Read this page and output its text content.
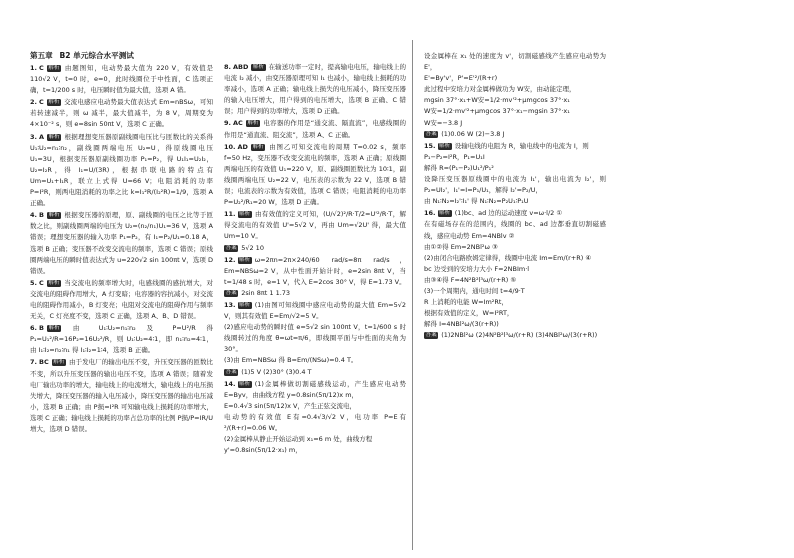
第五章 B2 单元综合水平测试
1. C 解析 由题图知，电动势最大值为 220 V，有效值是 110√2 V，t=0 时，e=0，此时线圈位于中性面，C 选项正确，t=1/200 s 时，电压瞬时值为最大值，选项 A 错。
2. C 解析 交流电感应电动势最大值表达式 Em=nBSω，可知若转速减半，则 ω 减半，最大值减半，为 8 V，周期变为 4×10⁻² s，则 e=8sin 50πt V，选项 C 正确。
3. A 解析 根据理想变压器原副线圈电压比与匝数比的关系得 U₁∶U₂=n₁∶n₂，副线圈两端电压 U₂=U，得原线圈电压 U₁=3U，根据变压器原副线圈功率 P₁=P₂，得 U₁I₁=U₂I₂，U₂=I₂R，得 I₁=U/(3R)，根据串联电路的特点有 Um=U₁+I₁R，联立上式得 U=66 V；电阻消耗的功率 P=I²R，则两电阻消耗的功率之比 k=I₁²R/(I₂²R)=1/9，选项 A 正确。
4. B 解析 根据变压器的原理，原、副线圈的电压之比等于匝数之比，则副线圈两端的电压为 U₂=(n₂/n₁)U₁=36 V，选项 A 错误；理想变压器的输入功率 P₁=P₂，有 I₁=P₂/U₁≈0.18 A，选项 B 正确；变压器不改变交流电的频率，选项 C 错误；原线圈两端电压的瞬时值表达式为 u=220√2 sin 100πt V，选项 D 错误。
5. C 解析 当交流电的频率增大时，电感线圈的感抗增大，对交流电的阻碍作用增大，A 灯变暗；电容器的容抗减小，对交流电的阻碍作用减小，B 灯变亮；电阻对交流电的阻碍作用与频率无关，C 灯亮度不变，选项 C 正确，选项 A、B、D 错误。
6. B 解析 由 U₁∶U₂=n₁∶n₂ 及 P=U²/R 得 P₁=U₁²/R=16P₂=16U₂²/R，则 U₁∶U₂=4∶1，即 n₁∶n₂=4∶1，由 I₁∶I₂=n₂∶n₁ 得 I₁∶I₂=1∶4，选项 B 正确。
7. BC 解析 由于发电厂的输出电压不变，升压变压器的匝数比不变，所以升压变压器的输出电压不变，选项 A 错误；随着发电厂输出功率的增大，输电线上的电流增大，输电线上的电压损失增大，降压变压器的输入电压减小，降压变压器的输出电压减小，选项 B 正确；由 P损=I²R 可知输电线上损耗的功率增大，选项 C 正确；输电线上损耗的功率占总功率的比例 P损/P=IR/U 增大，选项 D 错误。
8. ABD 解析 在输送功率一定时，提高输电电压，输电线上的电流 I₂ 减小，由变压器原理可知 I₁ 也减小，输电线上损耗的功率减小，选项 A 正确；输电线上损失的电压减小，降压变压器的输入电压增大，用户得到的电压增大，选项 B 正确、C 错误；用户得到的功率增大，选项 D 正确。
9. AC 解析 电容器的作用是“通交流、隔直流”，电感线圈的作用是“通直流、阻交流”，选项 A、C 正确。
10. AD 解析 由图乙可知交流电的周期 T=0.02 s，频率 f=50 Hz，变压器不改变交流电的频率，选项 A 正确；原线圈两端电压的有效值 U₁=220 V，原、副线圈匝数比为 10∶1，副线圈两端电压 U₂=22 V，电压表的示数为 22 V，选项 B 错误；电流表的示数为有效值，选项 C 错误；电阻消耗的电功率 P=U₂²/R₁=20 W，选项 D 正确。
11. 解析 由有效值的定义可知，(U/√2)²/R·T/2=U'²/R·T，解得交流电的有效值 U'=5√2 V，再由 Um=√2U' 得，最大值 Um=10 V。
答案 5√2 10
12. 解析 ω=2πn=2π×240/60 rad/s=8π rad/s，Em=NBSω=2 V，从中性面开始计时，e=2sin 8πt V，当 t=1/48 s 时，e=1 V，代入 E=2cos 30° V，得 E≈1.73 V。
答案 2sin 8πt 1 1.73
13. 解析 (1)由图可知线圈中感应电动势的最大值 Em=5√2 V，则其有效值 E=Em/√2=5 V。
(2)感应电动势的瞬时值 e=5√2 sin 100πt V，t=1/600 s 时线圈转过的角度 θ=ωt=π/6，即线圈平面与中性面的夹角为 30°。
(3)由 Em=NBSω 得 B=Em/(NSω)=0.4 T。
答案 (1)5 V (2)30° (3)0.4 T
14. 解析 (1)金属棒做切割磁感线运动，产生感应电动势 E=Byv，由曲线方程 y=0.8sin(5π/12)x m，
E=0.4√3 sin(5π/12)x V，产生正弦交流电，
电动势的有效值 E有=0.4√3/√2 V，电功率 P=E有²/(R+r)=0.06 W。
(2)金属棒从静止开始运动到 x₁=6 m 处，曲线方程
y'=0.8sin(5π/12·x₁) m，
设金属棒在 x₁ 处的速度为 v'，切割磁感线产生感应电动势为 E'，
E'=By'v'，P'=E'²/(R+r)
此过程中安培力对金属棒做功为 W安，由动能定理，
mgsin 37°·x₁+W安=1/2·mv'²+μmgcos 37°·x₁
W安=1/2·mv'²+μmgcos 37°·x₁−mgsin 37°·x₁
W安=−3.8 J
答案 (1)0.06 W (2)−3.8 J
15. 解析 设输电线的电阻为 R，输电线中的电流为 I，则
P₁−P₂=I²R，P₁=U₁I
解得 R=(P₁−P₂)U₁²/P₁²
设降压变压器原线圈中的电流为 I₁'，输出电流为 I₂'，则 P₂=UI₂'，I₁'=I=P₁/U₁，解得 I₂'=P₂/U，
由 N₁∶N₂=I₂'∶I₁' 得 N₁∶N₂=P₂U₁∶P₁U
16. 解析 (1)bc、ad 边的运动速度 v=ω·l/2 ①
在有磁场存在的范围内，线圈的 bc、ad 边都垂直切割磁感线，感应电动势 Em=4NBlv ②
由①②得 Em=2NBl²ω ③
(2)由闭合电路欧姆定律得，线圈中电流 Im=Em/(r+R) ④
bc 边受到的安培力大小 F=2NBIm·l
由③④得 F=4N²B²l³ω/(r+R) ⑤
(3)一个周期内，通电时间 t=4/9·T
R 上消耗的电能 W=Im²Rt，
根据有效值的定义，W=I²RT，
解得 I=4NBl²ω/(3(r+R))
答案 (1)2NBl²ω (2)4N²B²l³ω/(r+R) (3)4NBl²ω/(3(r+R))
